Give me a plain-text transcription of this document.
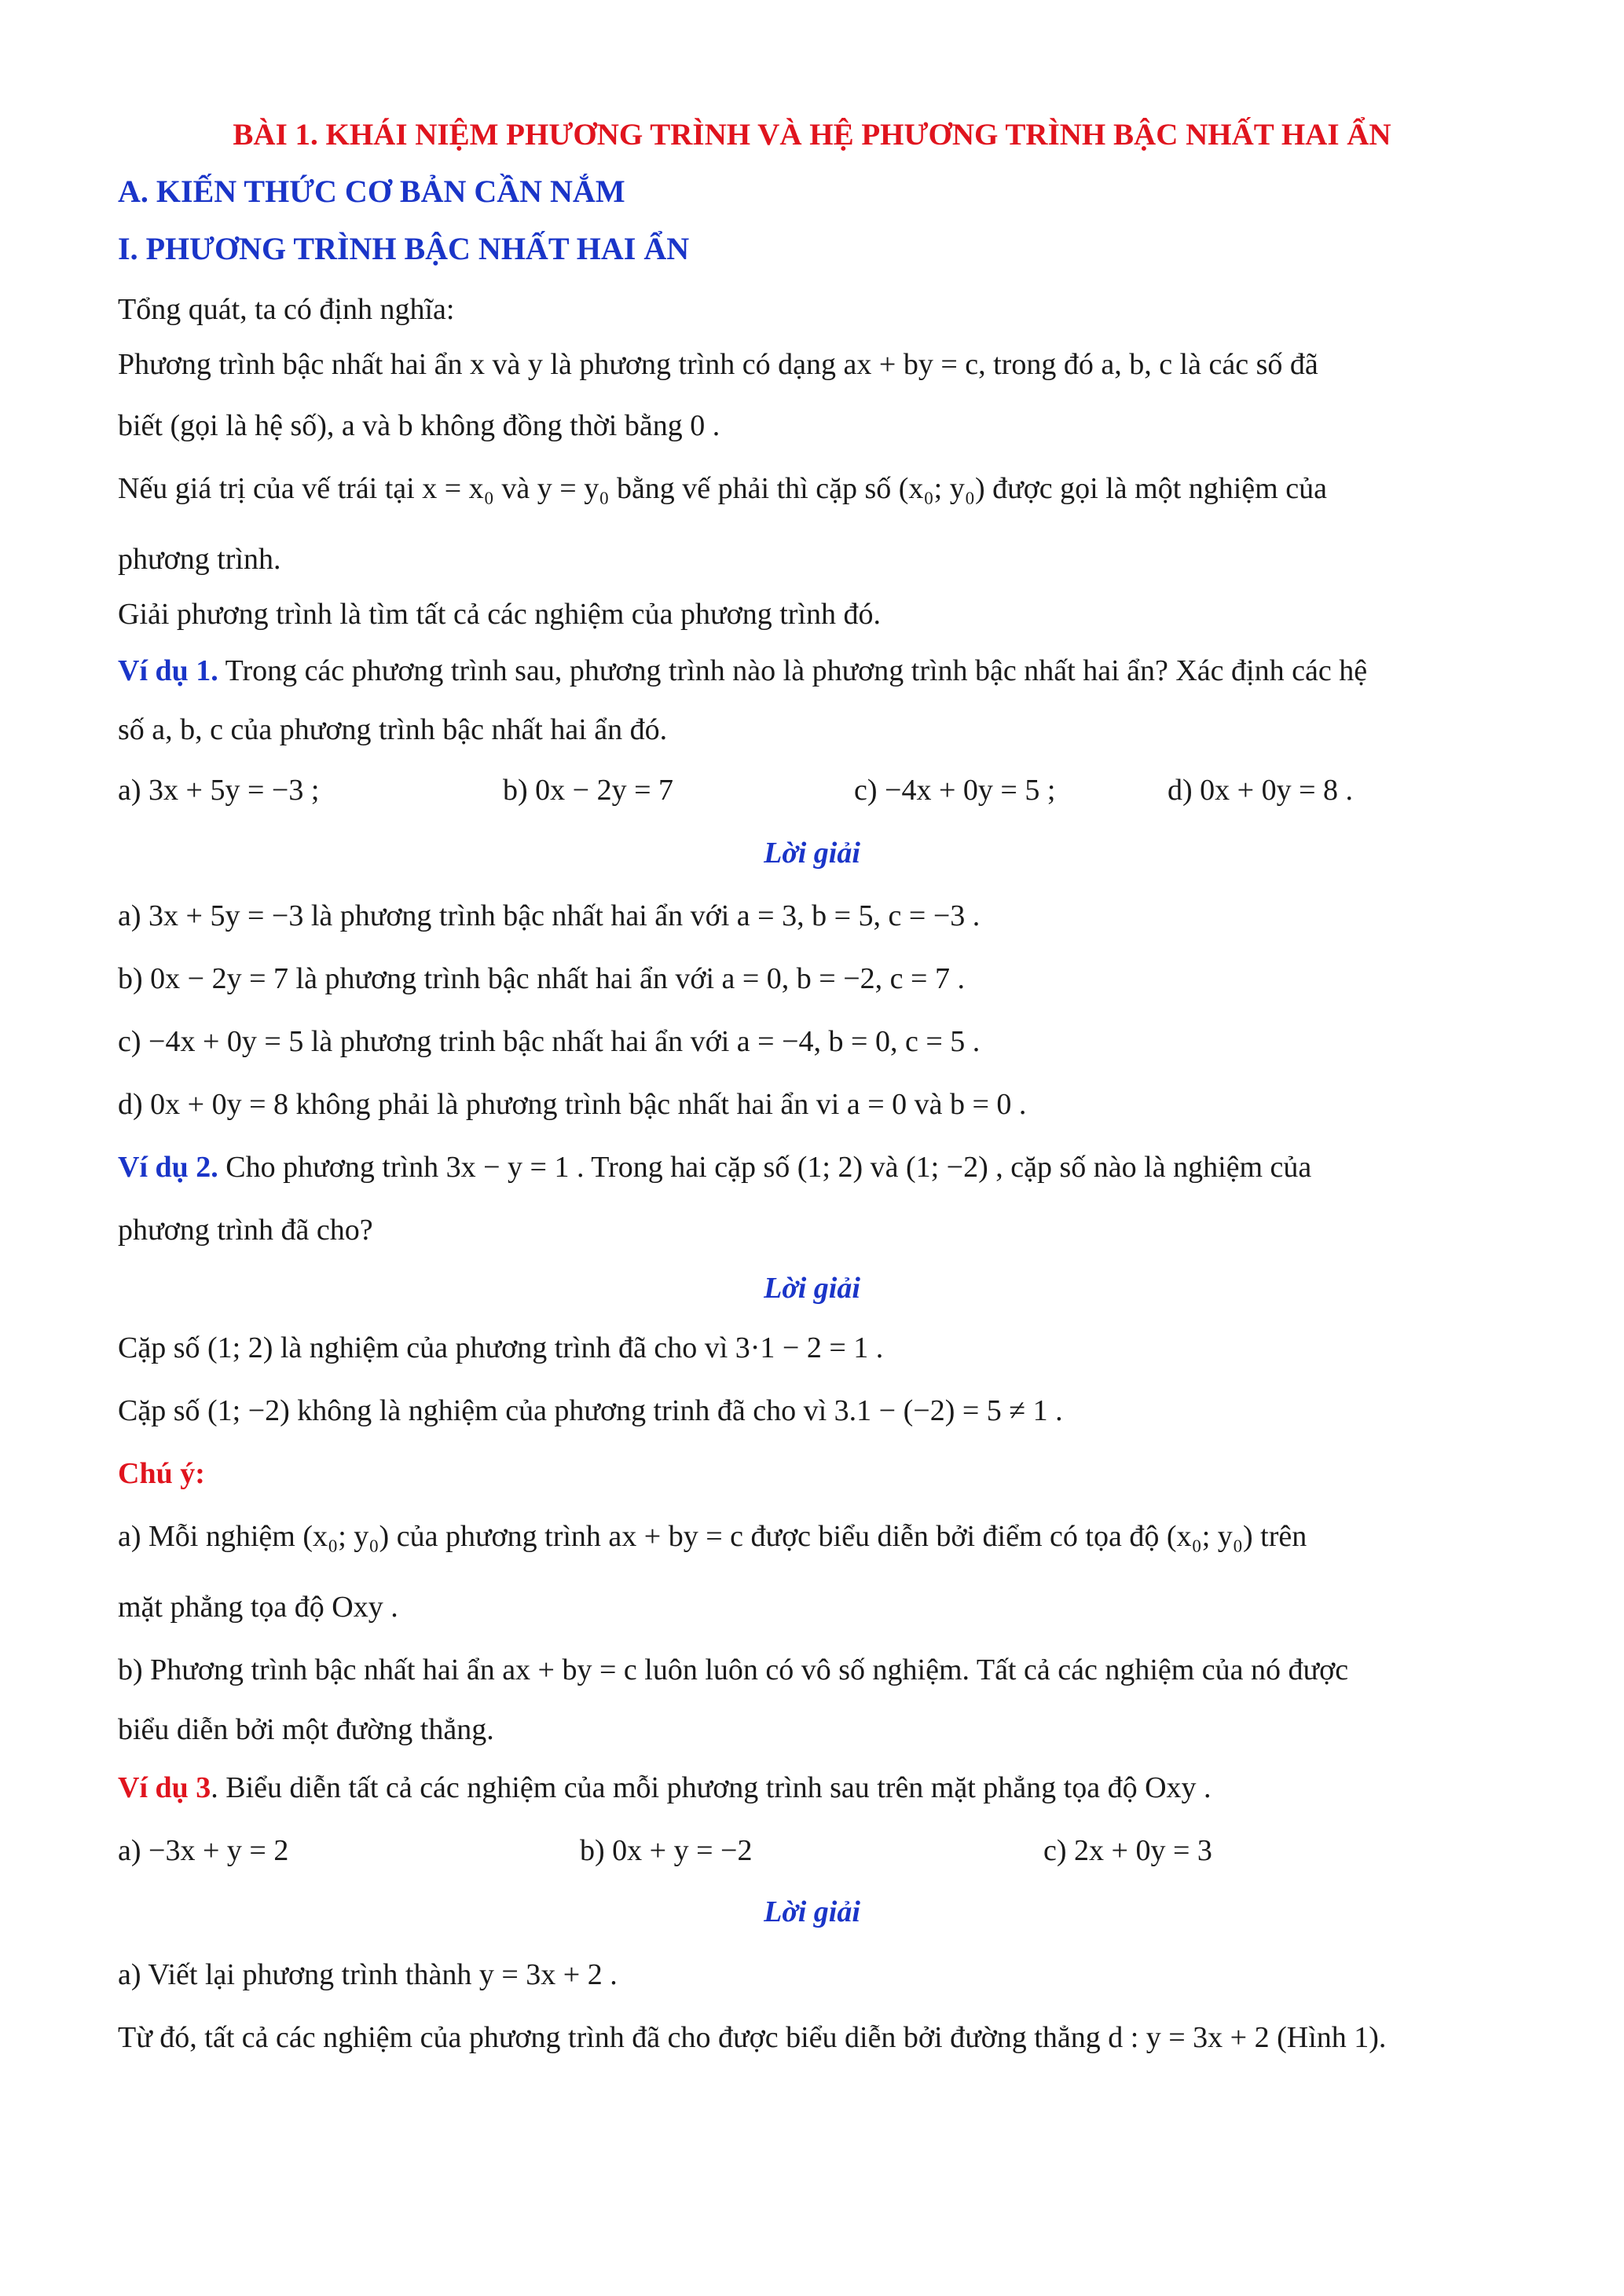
BÀI 1. KHÁI NIỆM PHƯƠNG TRÌNH VÀ HỆ PHƯƠNG TRÌNH BẬC NHẤT HAI ẨN
A. KIẾN THỨC CƠ BẢN CẦN NẮM
I. PHƯƠNG TRÌNH BẬC NHẤT HAI ẨN
Tổng quát, ta có định nghĩa:
Phương trình bậc nhất hai ẩn x và y là phương trình có dạng ax + by = c, trong đó a, b, c là các số đã
biết (gọi là hệ số), a và b không đồng thời bằng 0 .
Nếu giá trị của vế trái tại x = x₀ và y = y₀ bằng vế phải thì cặp số (x₀; y₀) được gọi là một nghiệm của
phương trình.
Giải phương trình là tìm tất cả các nghiệm của phương trình đó.
Ví dụ 1. Trong các phương trình sau, phương trình nào là phương trình bậc nhất hai ẩn? Xác định các hệ
số a, b, c của phương trình bậc nhất hai ẩn đó.
a) 3x + 5y = −3 ;	b) 0x − 2y = 7	c) −4x + 0y = 5 ;	d) 0x + 0y = 8 .
Lời giải
a) 3x + 5y = −3 là phương trình bậc nhất hai ẩn với a = 3, b = 5, c = −3 .
b) 0x − 2y = 7 là phương trình bậc nhất hai ẩn với a = 0, b = −2, c = 7 .
c) −4x + 0y = 5 là phương trinh bậc nhất hai ẩn với a = −4, b = 0, c = 5 .
d) 0x + 0y = 8 không phải là phương trình bậc nhất hai ẩn vi a = 0 và b = 0 .
Ví dụ 2. Cho phương trình 3x − y = 1 . Trong hai cặp số (1; 2) và (1; −2) , cặp số nào là nghiệm của
phương trình đã cho?
Lời giải
Cặp số (1; 2) là nghiệm của phương trình đã cho vì 3·1 − 2 = 1 .
Cặp số (1; −2) không là nghiệm của phương trinh đã cho vì 3.1 − (−2) = 5 ≠ 1 .
Chú ý:
a) Mỗi nghiệm (x₀; y₀) của phương trình ax + by = c được biểu diễn bởi điểm có tọa độ (x₀; y₀) trên
mặt phẳng tọa độ Oxy .
b) Phương trình bậc nhất hai ẩn ax + by = c luôn luôn có vô số nghiệm. Tất cả các nghiệm của nó được
biểu diễn bởi một đường thẳng.
Ví dụ 3. Biểu diễn tất cả các nghiệm của mỗi phương trình sau trên mặt phẳng tọa độ Oxy .
a) −3x + y = 2	b) 0x + y = −2	c) 2x + 0y = 3
Lời giải
a) Viết lại phương trình thành y = 3x + 2 .
Từ đó, tất cả các nghiệm của phương trình đã cho được biểu diễn bởi đường thẳng d : y = 3x + 2 (Hình 1).
